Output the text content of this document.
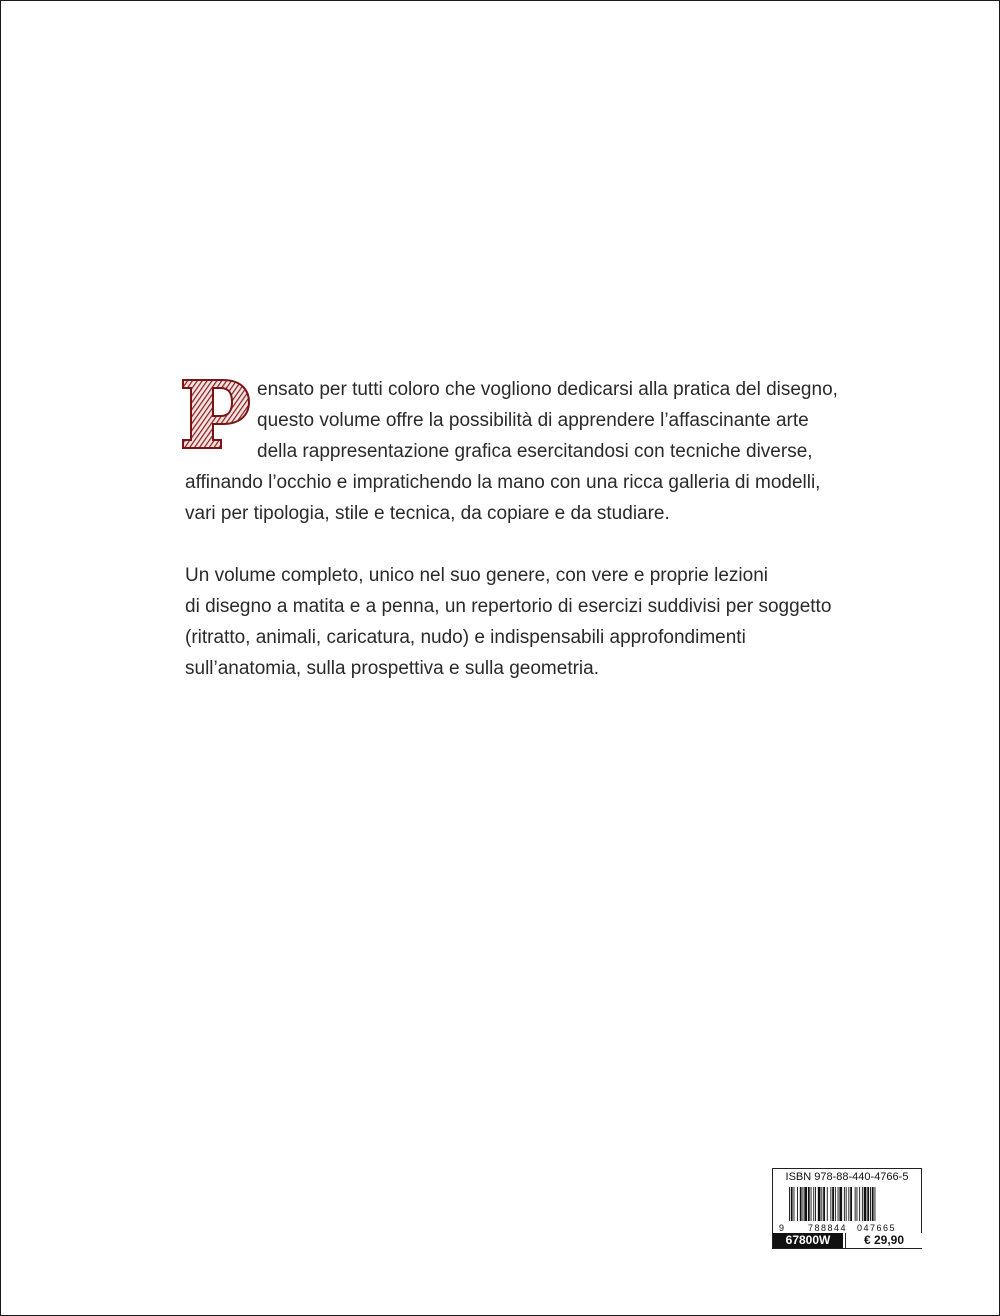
ensato per tutti coloro che vogliono dedicarsi alla pratica del disegno,
questo volume offre la possibilità di apprendere l’affascinante arte
della rappresentazione grafica esercitandosi con tecniche diverse,
affinando l’occhio e impratichendo la mano con una ricca galleria di modelli,
vari per tipologia, stile e tecnica, da copiare e da studiare.
Un volume completo, unico nel suo genere, con vere e proprie lezioni
di disegno a matita e a penna, un repertorio di esercizi suddivisi per soggetto
(ritratto, animali, caricatura, nudo) e indispensabili approfondimenti
sull’anatomia, sulla prospettiva e sulla geometria.
ISBN 978-88-440-4766-5
9	788844 047665
67800W	€ 29,90
